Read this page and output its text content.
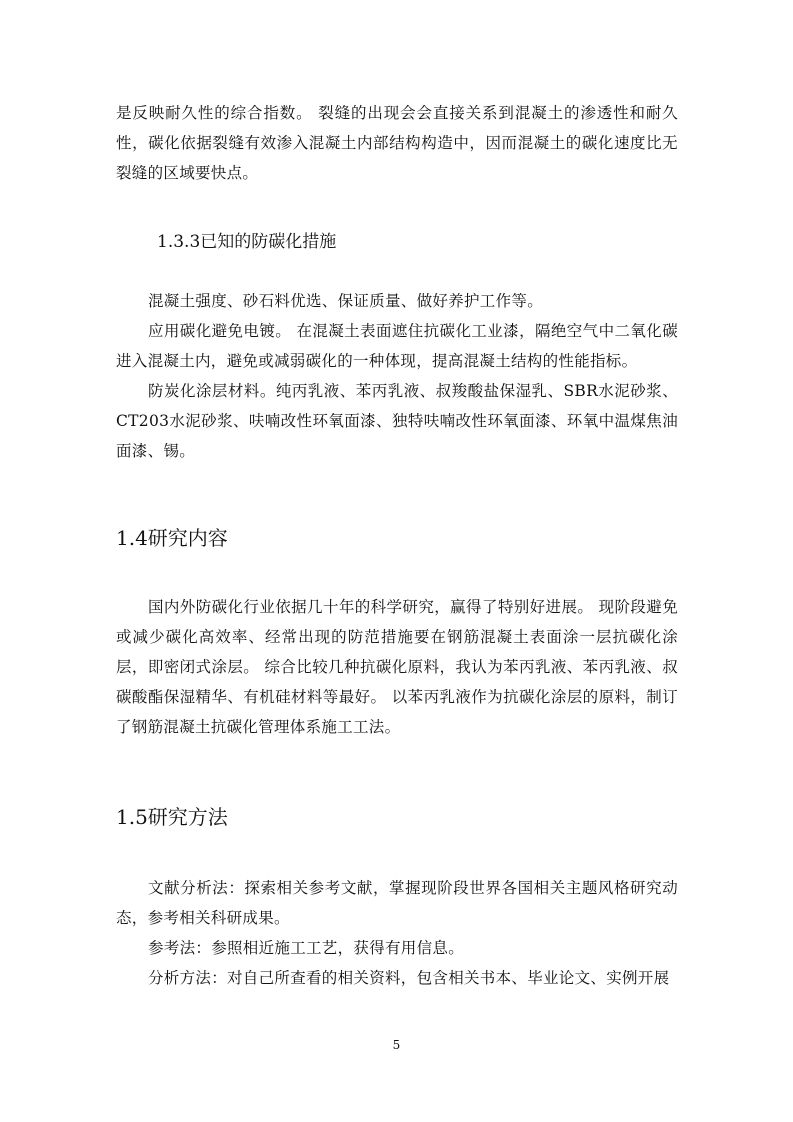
是反映耐久性的综合指数。 裂缝的出现会会直接关系到混凝土的渗透性和耐久性，碳化依据裂缝有效渗入混凝土内部结构构造中，因而混凝土的碳化速度比无裂缝的区域要快点。

1.3.3已知的防碳化措施

混凝土强度、砂石料优选、保证质量、做好养护工作等。

应用碳化避免电镀。 在混凝土表面遮住抗碳化工业漆，隔绝空气中二氧化碳进入混凝土内，避免或减弱碳化的一种体现，提高混凝土结构的性能指标。

防炭化涂层材料。纯丙乳液、苯丙乳液、叔羧酸盐保湿乳、SBR水泥砂浆、CT203水泥砂浆、呋喃改性环氧面漆、独特呋喃改性环氧面漆、环氧中温煤焦油面漆、锡。

1.4研究内容

国内外防碳化行业依据几十年的科学研究，赢得了特别好进展。 现阶段避免或减少碳化高效率、经常出现的防范措施要在钢筋混凝土表面涂一层抗碳化涂层，即密闭式涂层。 综合比较几种抗碳化原料，我认为苯丙乳液、苯丙乳液、叔碳酸酯保湿精华、有机硅材料等最好。 以苯丙乳液作为抗碳化涂层的原料，制订了钢筋混凝土抗碳化管理体系施工工法。

1.5研究方法

文献分析法：探索相关参考文献，掌握现阶段世界各国相关主题风格研究动态，参考相关科研成果。

参考法：参照相近施工工艺，获得有用信息。

分析方法：对自己所查看的相关资料，包含相关书本、毕业论文、实例开展

5
